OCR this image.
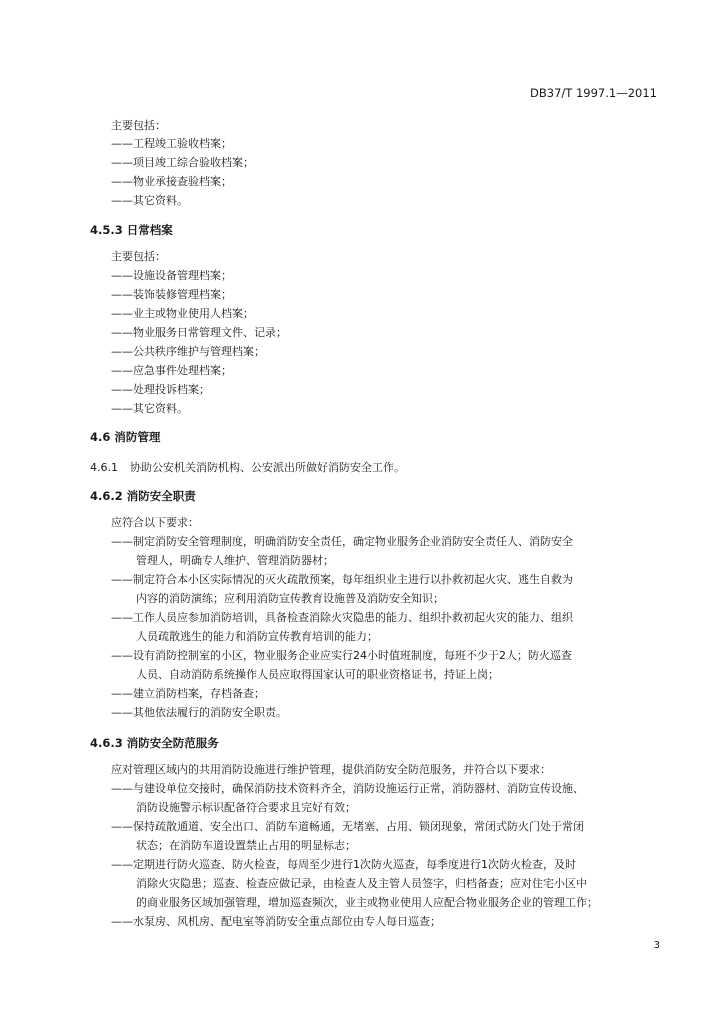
DB37/T 1997.1—2011
主要包括：
——工程竣工验收档案；
——项目竣工综合验收档案；
——物业承接查验档案；
——其它资料。
4.5.3 日常档案
主要包括：
——设施设备管理档案；
——装饰装修管理档案；
——业主或物业使用人档案；
——物业服务日常管理文件、记录；
——公共秩序维护与管理档案；
——应急事件处理档案；
——处理投诉档案；
——其它资料。
4.6 消防管理
4.6.1 协助公安机关消防机构、公安派出所做好消防安全工作。
4.6.2 消防安全职责
应符合以下要求：
——制定消防安全管理制度，明确消防安全责任，确定物业服务企业消防安全责任人、消防安全
管理人，明确专人维护、管理消防器材；
——制定符合本小区实际情况的灭火疏散预案，每年组织业主进行以扑救初起火灾、逃生自救为
内容的消防演练；应利用消防宣传教育设施普及消防安全知识；
——工作人员应参加消防培训，具备检查消除火灾隐患的能力、组织扑救初起火灾的能力、组织
人员疏散逃生的能力和消防宣传教育培训的能力；
——设有消防控制室的小区，物业服务企业应实行24小时值班制度，每班不少于2人；防火巡查
人员、自动消防系统操作人员应取得国家认可的职业资格证书，持证上岗；
——建立消防档案，存档备查；
——其他依法履行的消防安全职责。
4.6.3 消防安全防范服务
应对管理区域内的共用消防设施进行维护管理，提供消防安全防范服务，并符合以下要求：
——与建设单位交接时，确保消防技术资料齐全，消防设施运行正常，消防器材、消防宣传设施、
消防设施警示标识配备符合要求且完好有效；
——保持疏散通道、安全出口、消防车道畅通，无堵塞、占用、锁闭现象，常闭式防火门处于常闭
状态；在消防车道设置禁止占用的明显标志；
——定期进行防火巡查、防火检查，每周至少进行1次防火巡查，每季度进行1次防火检查，及时
消除火灾隐患；巡查、检查应做记录，由检查人及主管人员签字，归档备查；应对住宅小区中
的商业服务区域加强管理，增加巡查频次，业主或物业使用人应配合物业服务企业的管理工作；
——水泵房、风机房、配电室等消防安全重点部位由专人每日巡查；
3
